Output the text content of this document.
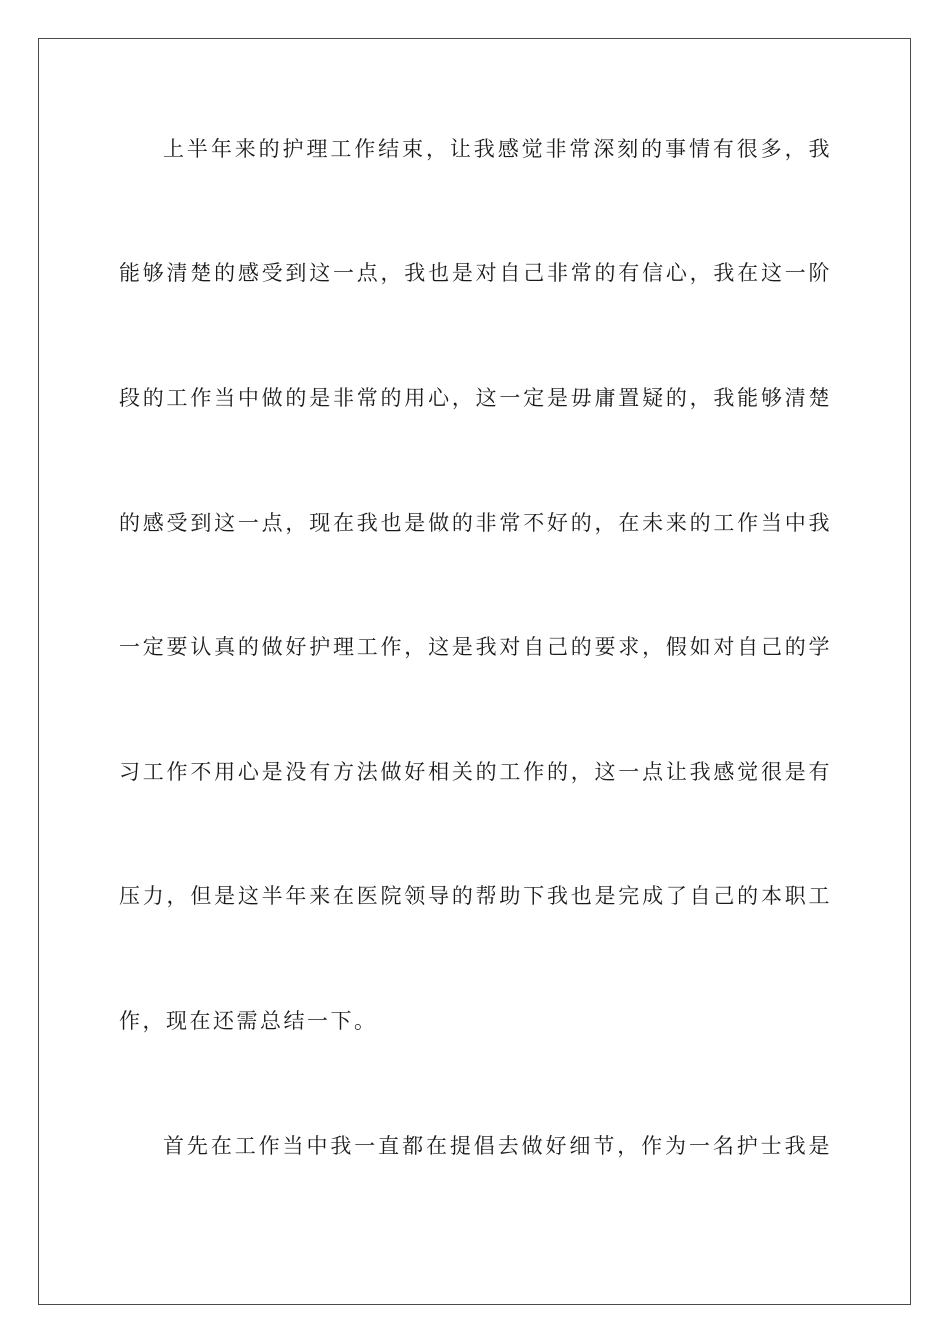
上半年来的护理工作结束，让我感觉非常深刻的事情有很多，我
能够清楚的感受到这一点，我也是对自己非常的有信心，我在这一阶
段的工作当中做的是非常的用心，这一定是毋庸置疑的，我能够清楚
的感受到这一点，现在我也是做的非常不好的，在未来的工作当中我
一定要认真的做好护理工作，这是我对自己的要求，假如对自己的学
习工作不用心是没有方法做好相关的工作的，这一点让我感觉很是有
压力，但是这半年来在医院领导的帮助下我也是完成了自己的本职工
作，现在还需总结一下。
首先在工作当中我一直都在提倡去做好细节，作为一名护士我是
